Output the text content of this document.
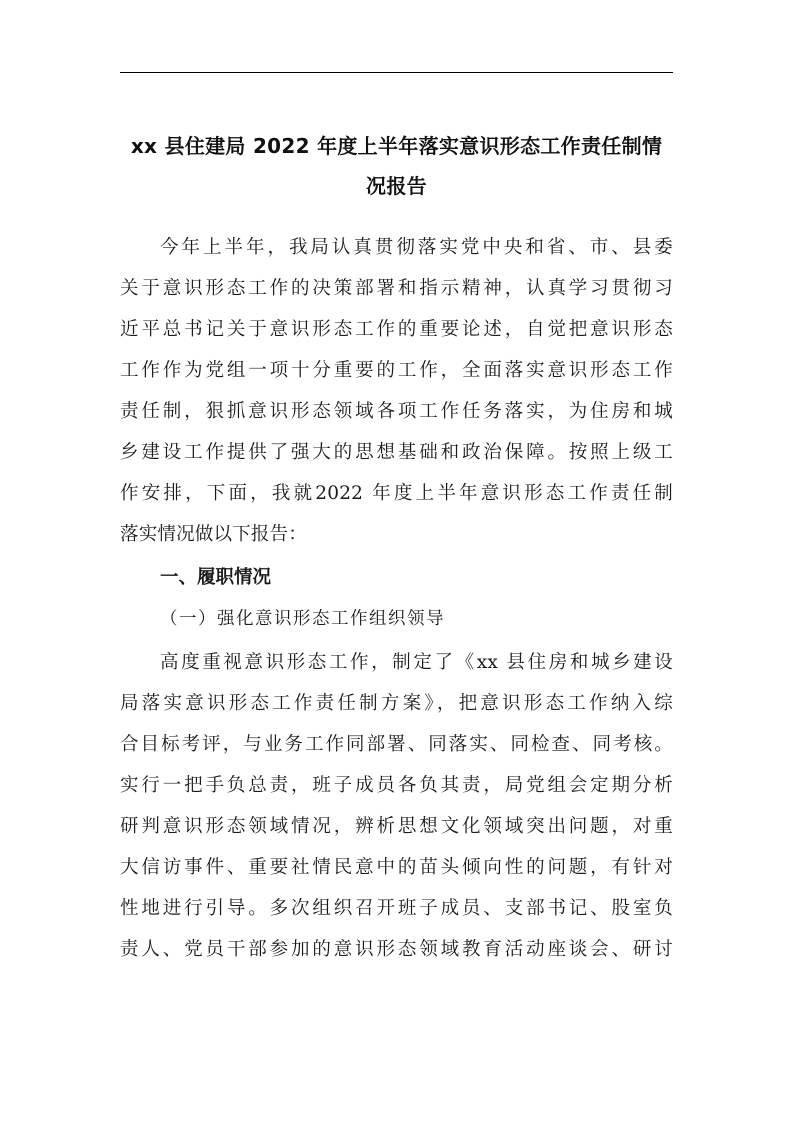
xx 县住建局 2022 年度上半年落实意识形态工作责任制情
况报告
今年上半年，我局认真贯彻落实党中央和省、市、县委
关于意识形态工作的决策部署和指示精神，认真学习贯彻习
近平总书记关于意识形态工作的重要论述，自觉把意识形态
工作作为党组一项十分重要的工作，全面落实意识形态工作
责任制，狠抓意识形态领域各项工作任务落实，为住房和城
乡建设工作提供了强大的思想基础和政治保障。按照上级工
作安排，下面，我就2022 年度上半年意识形态工作责任制
落实情况做以下报告：
一、履职情况
（一）强化意识形态工作组织领导
高度重视意识形态工作，制定了《xx 县住房和城乡建设
局落实意识形态工作责任制方案》，把意识形态工作纳入综
合目标考评，与业务工作同部署、同落实、同检查、同考核。
实行一把手负总责，班子成员各负其责，局党组会定期分析
研判意识形态领域情况，辨析思想文化领域突出问题，对重
大信访事件、重要社情民意中的苗头倾向性的问题，有针对
性地进行引导。多次组织召开班子成员、支部书记、股室负
责人、党员干部参加的意识形态领域教育活动座谈会、研讨
